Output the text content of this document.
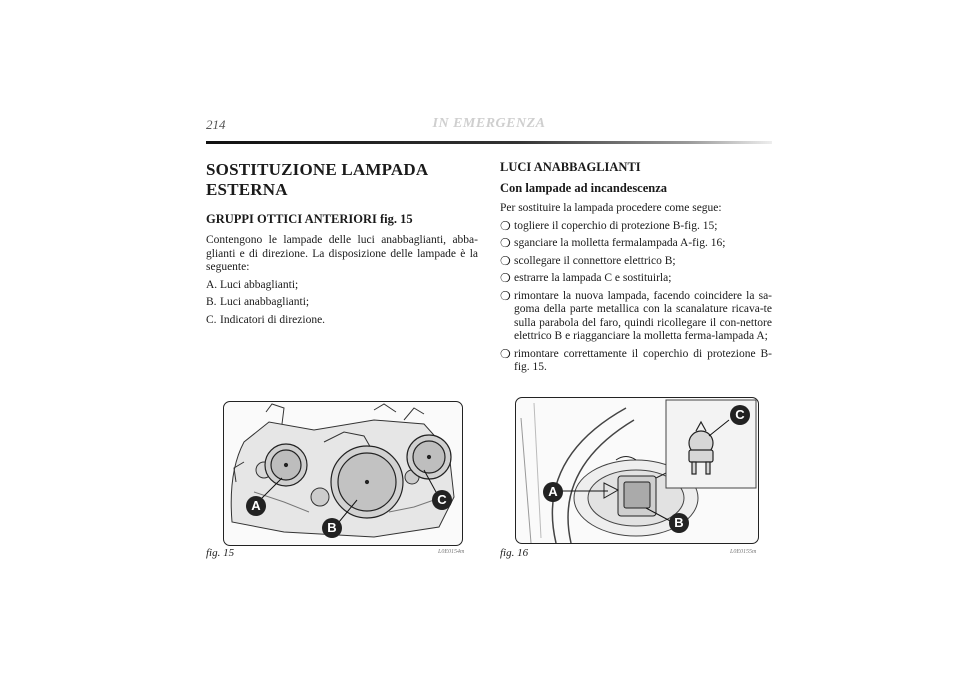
214	IN EMERGENZA
SOSTITUZIONE LAMPADA ESTERNA
GRUPPI OTTICI ANTERIORI fig. 15

Contengono le lampade delle luci anabbaglianti, abba-glianti e di direzione. La disposizione delle lampade è la seguente:

A. Luci abbaglianti;
B. Luci anabbaglianti;
C. Indicatori di direzione.
LUCI ANABBAGLIANTI
Con lampade ad incandescenza

Per sostituire la lampada procedere come segue:

❍ togliere il coperchio di protezione B-fig. 15;
❍ sganciare la molletta fermalampada A-fig. 16;
❍ scollegare il connettore elettrico B;
❍ estrarre la lampada C e sostituirla;
❍ rimontare la nuova lampada, facendo coincidere la sa-goma della parte metallica con la scanalature ricava-te sulla parabola del faro, quindi ricollegare il con-nettore elettrico B e riagganciare la molletta ferma-lampada A;
❍ rimontare correttamente il coperchio di protezione B-fig. 15.
A
B
C
fig. 15	L0E0154m
A
B
C
fig. 16	L0E0155m
